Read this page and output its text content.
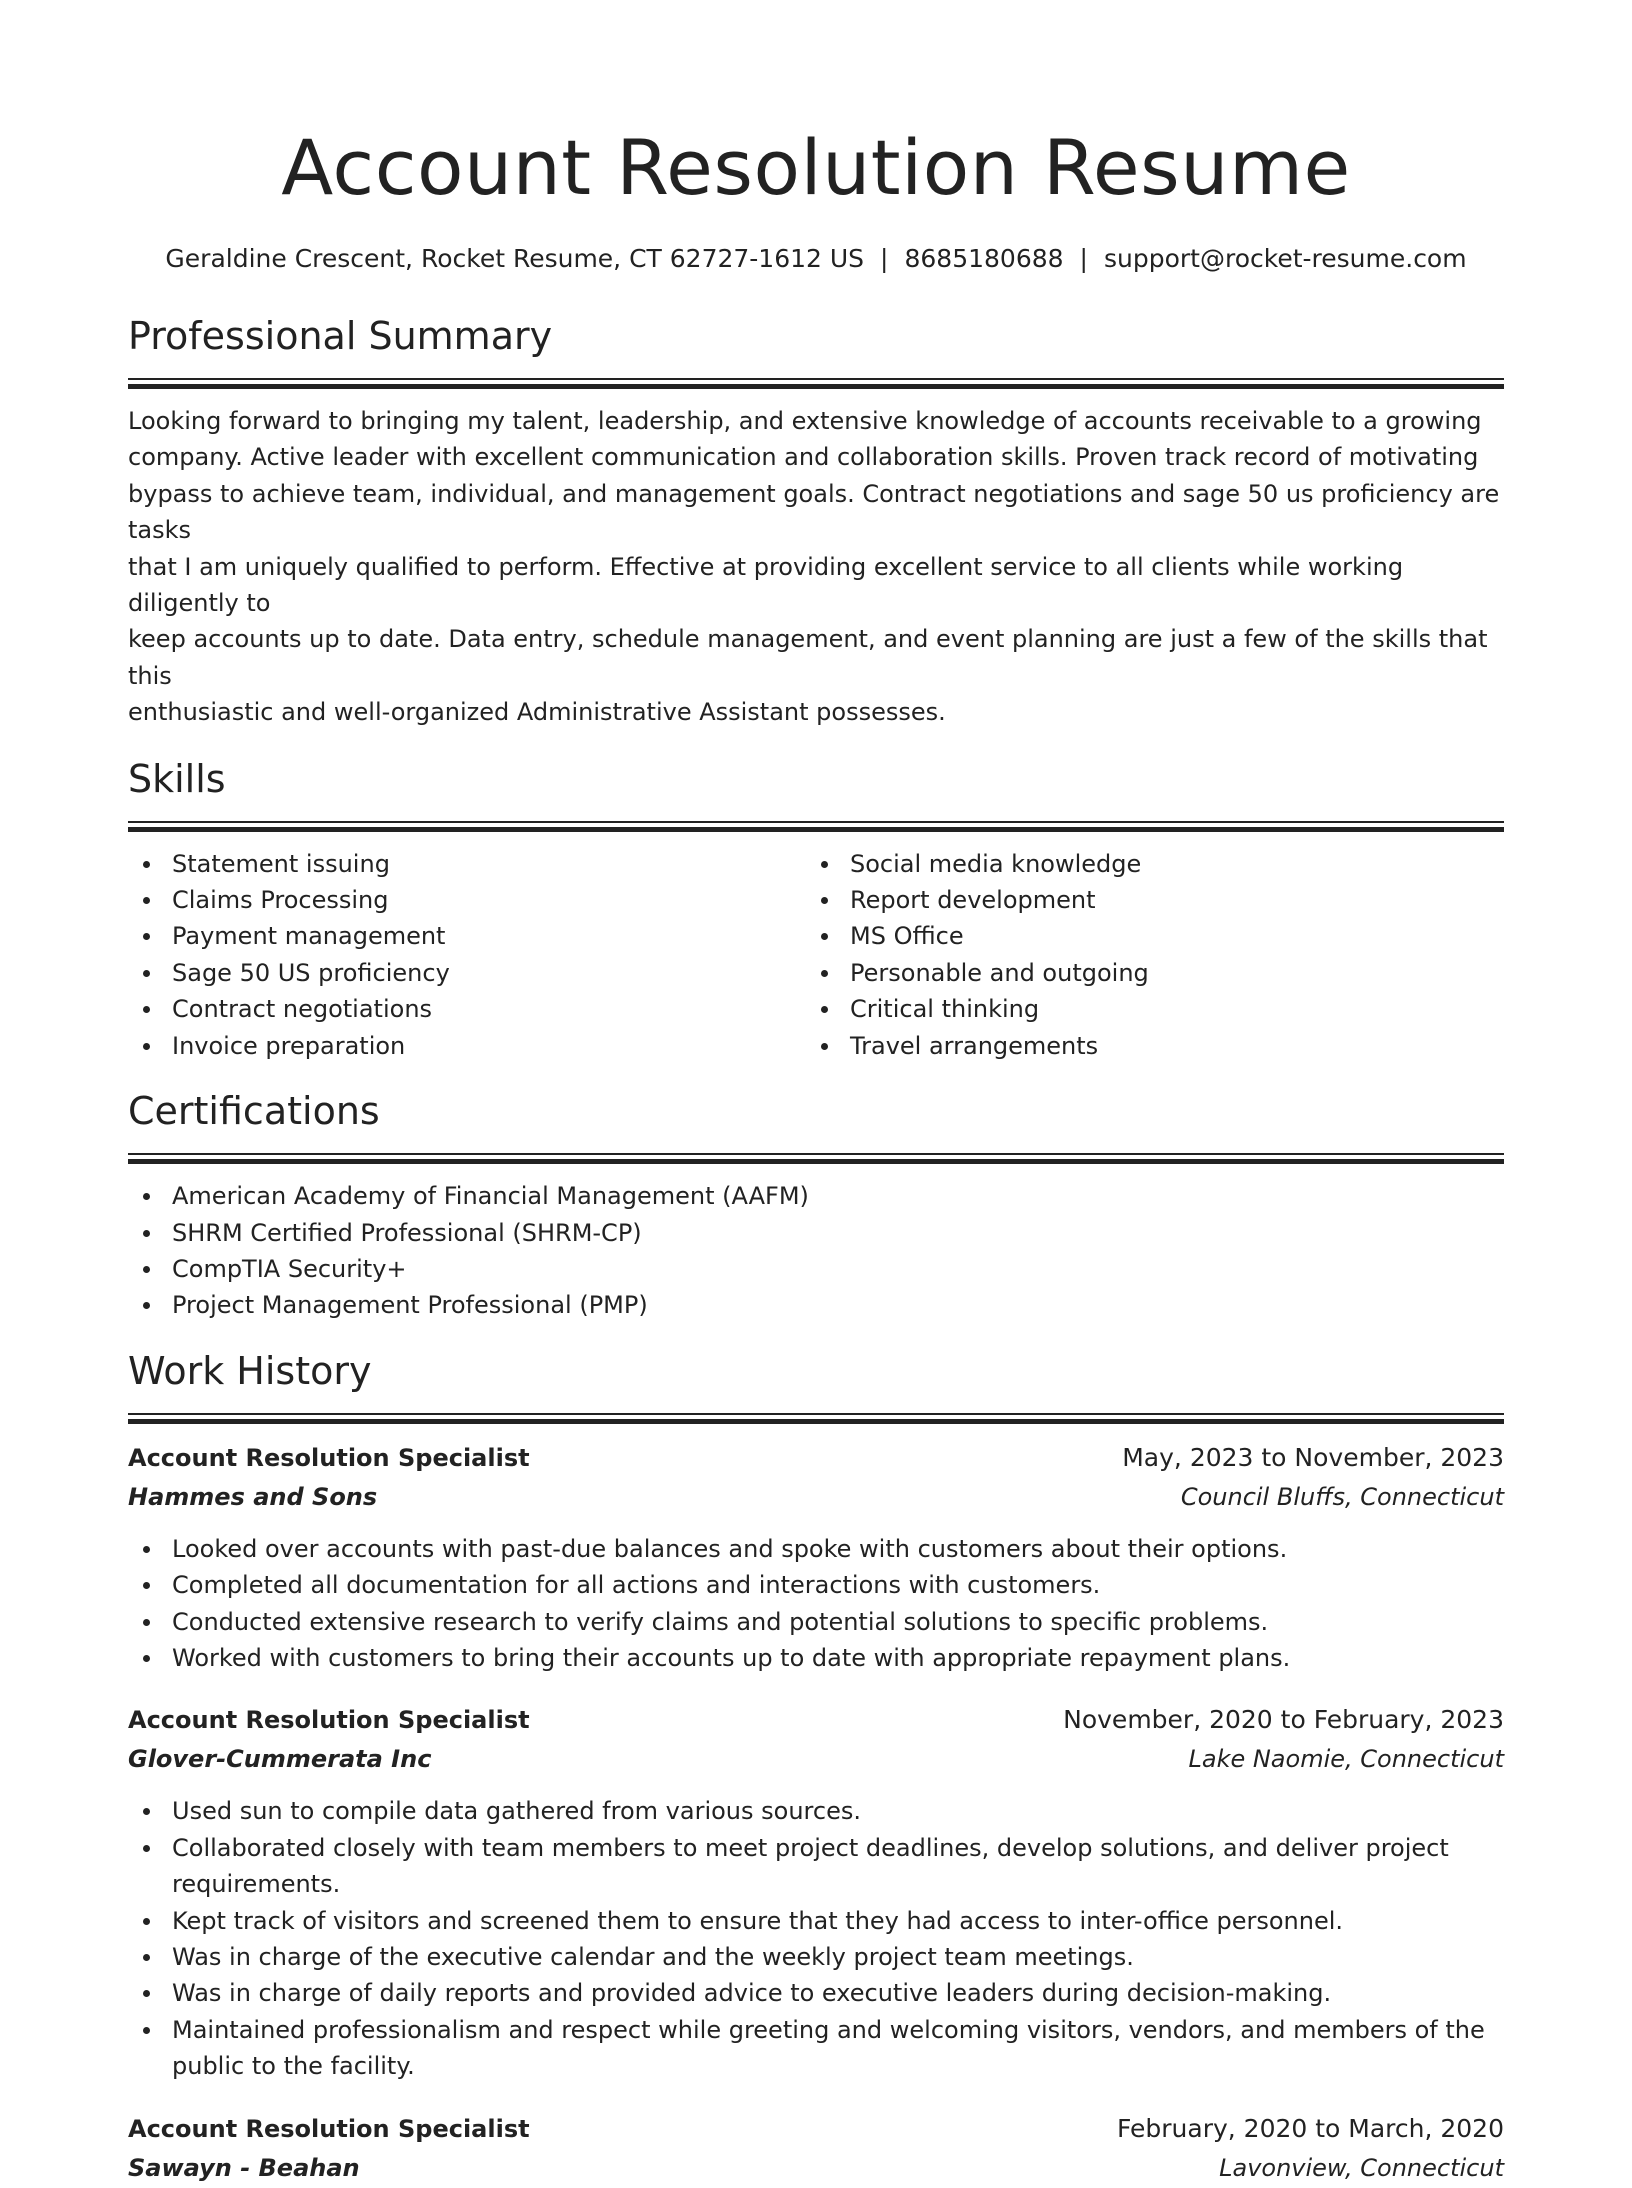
Account Resolution Resume
Geraldine Crescent, Rocket Resume, CT 62727-1612 US | 8685180688 | support@rocket-resume.com
Professional Summary
Looking forward to bringing my talent, leadership, and extensive knowledge of accounts receivable to a growing
company. Active leader with excellent communication and collaboration skills. Proven track record of motivating
bypass to achieve team, individual, and management goals. Contract negotiations and sage 50 us proficiency are tasks
that I am uniquely qualified to perform. Effective at providing excellent service to all clients while working diligently to
keep accounts up to date. Data entry, schedule management, and event planning are just a few of the skills that this
enthusiastic and well-organized Administrative Assistant possesses.
Skills
Statement issuing
Claims Processing
Payment management
Sage 50 US proficiency
Contract negotiations
Invoice preparation
Social media knowledge
Report development
MS Office
Personable and outgoing
Critical thinking
Travel arrangements
Certifications
American Academy of Financial Management (AAFM)
SHRM Certified Professional (SHRM-CP)
CompTIA Security+
Project Management Professional (PMP)
Work History
Account Resolution Specialist	May, 2023 to November, 2023
Hammes and Sons	Council Bluffs, Connecticut
Looked over accounts with past-due balances and spoke with customers about their options.
Completed all documentation for all actions and interactions with customers.
Conducted extensive research to verify claims and potential solutions to specific problems.
Worked with customers to bring their accounts up to date with appropriate repayment plans.
Account Resolution Specialist	November, 2020 to February, 2023
Glover-Cummerata Inc	Lake Naomie, Connecticut
Used sun to compile data gathered from various sources.
Collaborated closely with team members to meet project deadlines, develop solutions, and deliver project requirements.
Kept track of visitors and screened them to ensure that they had access to inter-office personnel.
Was in charge of the executive calendar and the weekly project team meetings.
Was in charge of daily reports and provided advice to executive leaders during decision-making.
Maintained professionalism and respect while greeting and welcoming visitors, vendors, and members of the public to the facility.
Account Resolution Specialist	February, 2020 to March, 2020
Sawayn - Beahan	Lavonview, Connecticut
